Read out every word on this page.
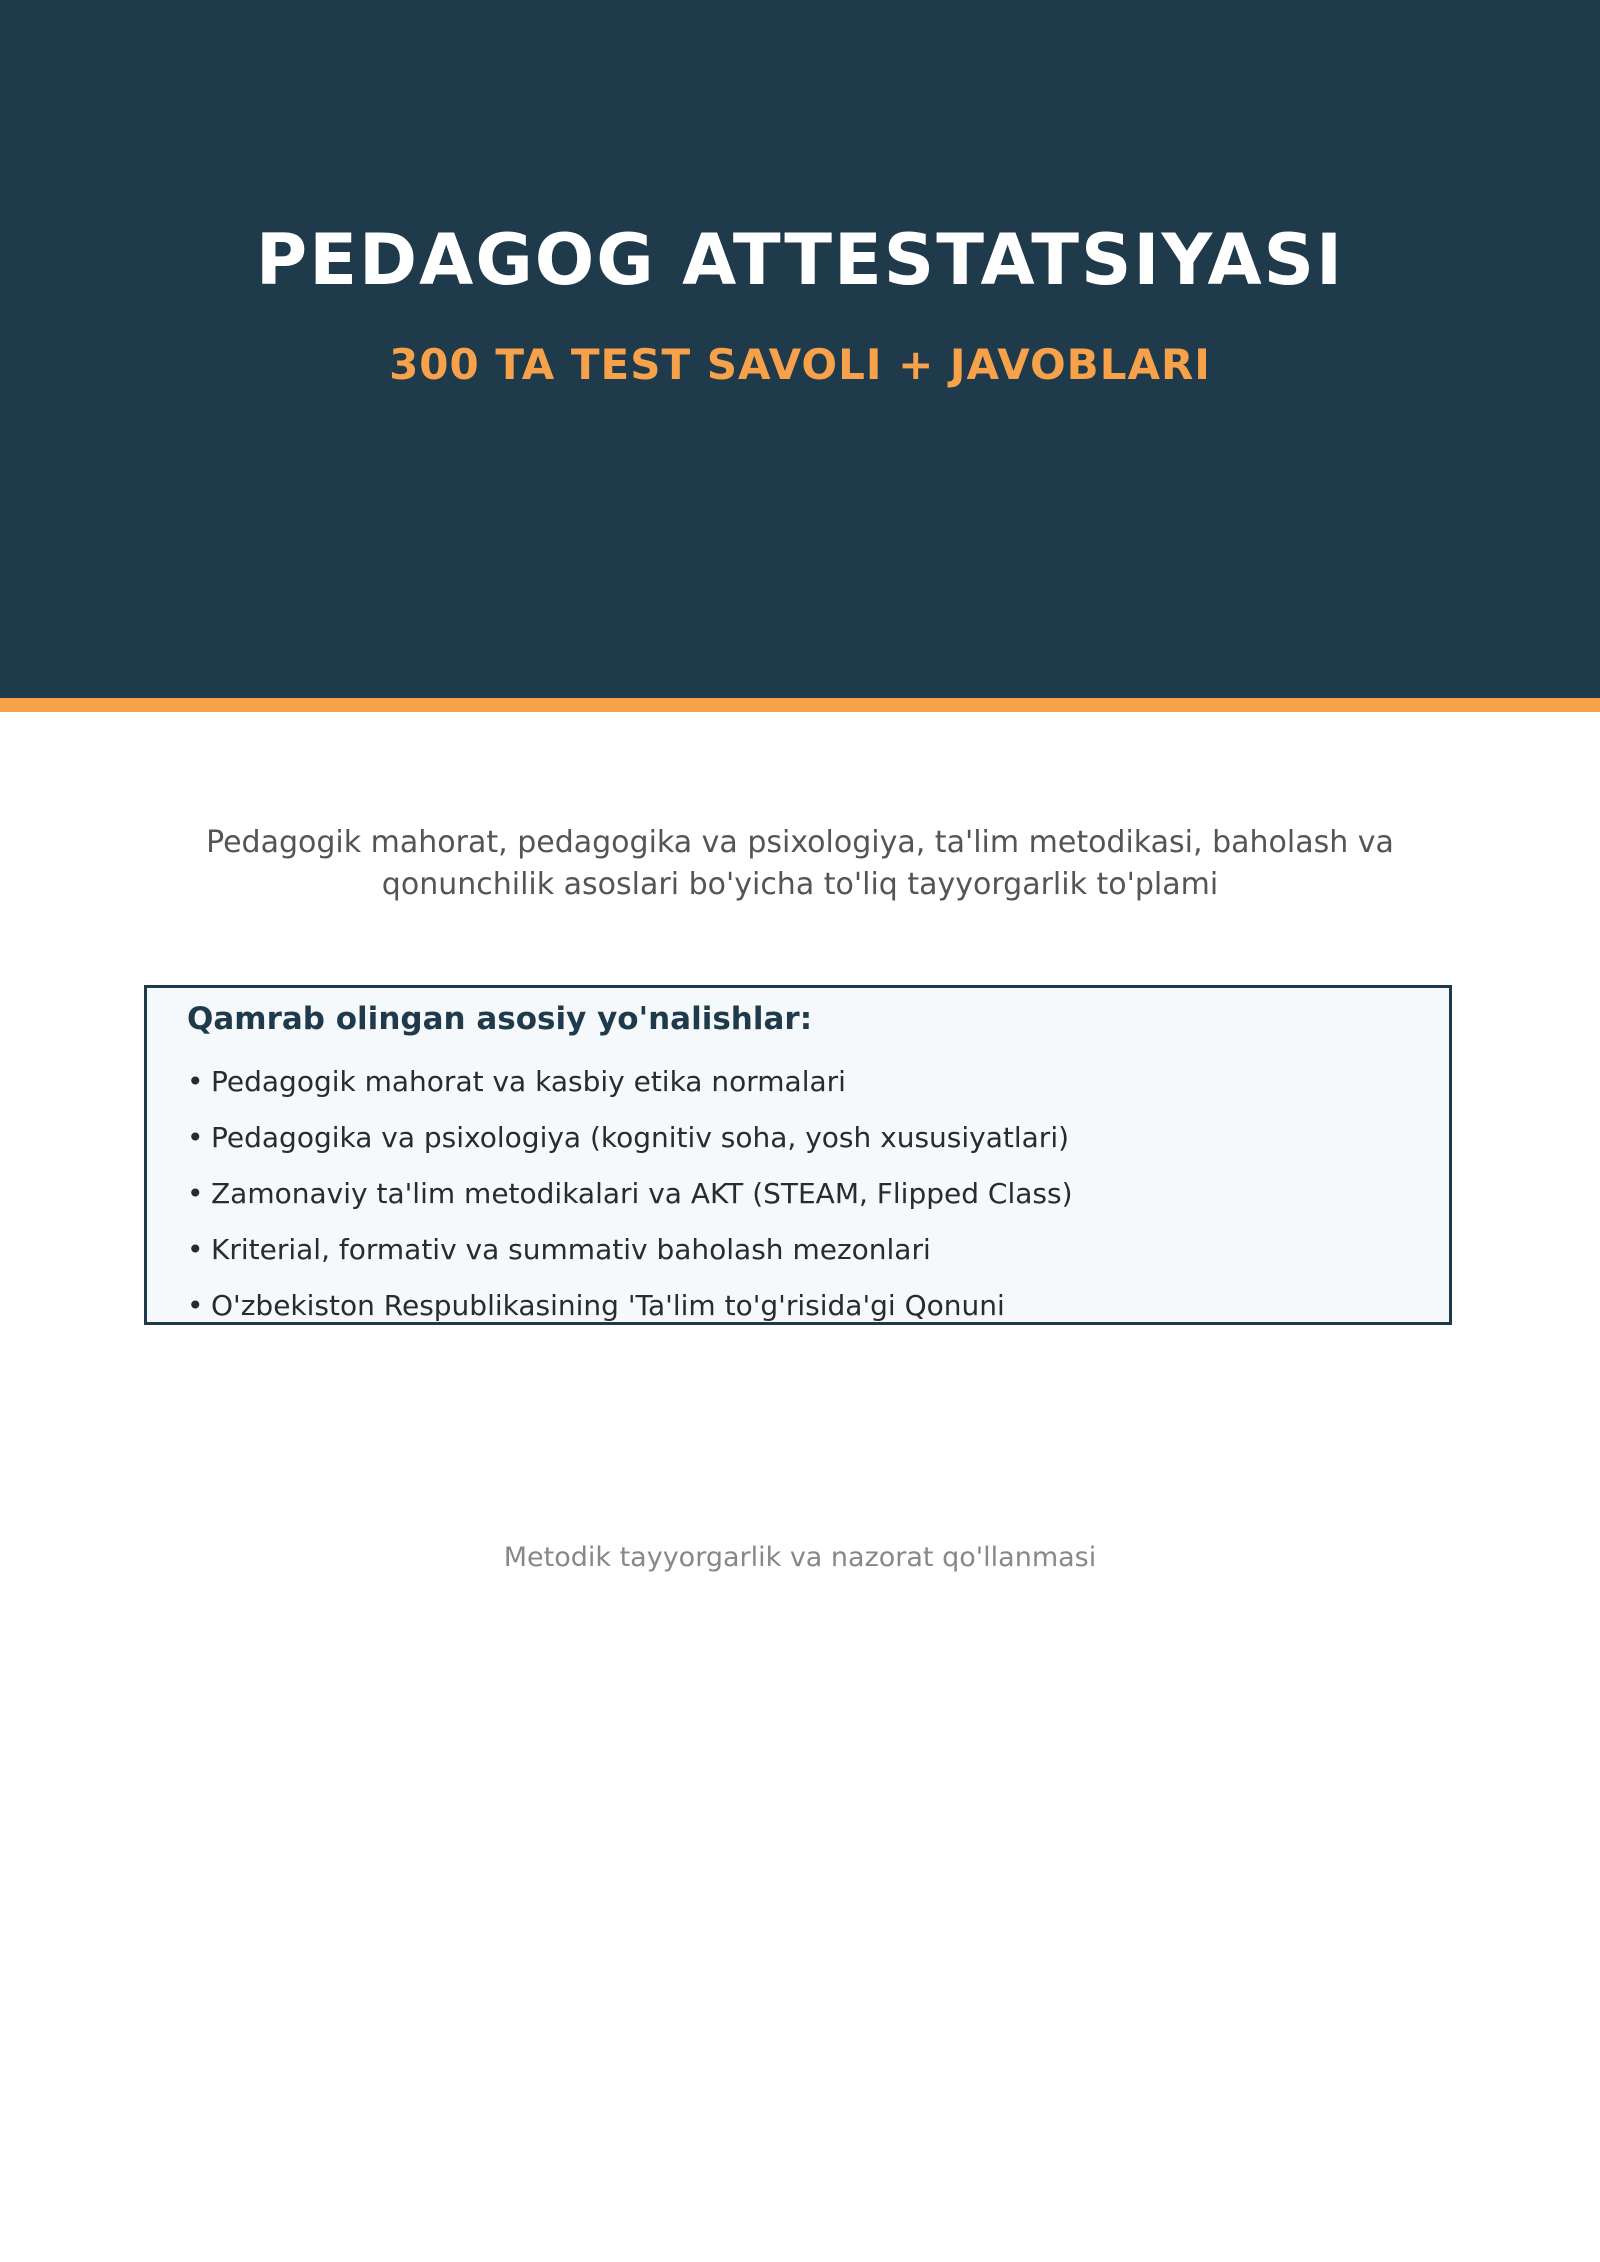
PEDAGOG ATTESTATSIYASI
300 TA TEST SAVOLI + JAVOBLARI
Pedagogik mahorat, pedagogika va psixologiya, ta'lim metodikasi, baholash va
qonunchilik asoslari bo'yicha to'liq tayyorgarlik to'plami
Qamrab olingan asosiy yo'nalishlar:
• Pedagogik mahorat va kasbiy etika normalari
• Pedagogika va psixologiya (kognitiv soha, yosh xususiyatlari)
• Zamonaviy ta'lim metodikalari va AKT (STEAM, Flipped Class)
• Kriterial, formativ va summativ baholash mezonlari
• O'zbekiston Respublikasining 'Ta'lim to'g'risida'gi Qonuni
Metodik tayyorgarlik va nazorat qo'llanmasi
